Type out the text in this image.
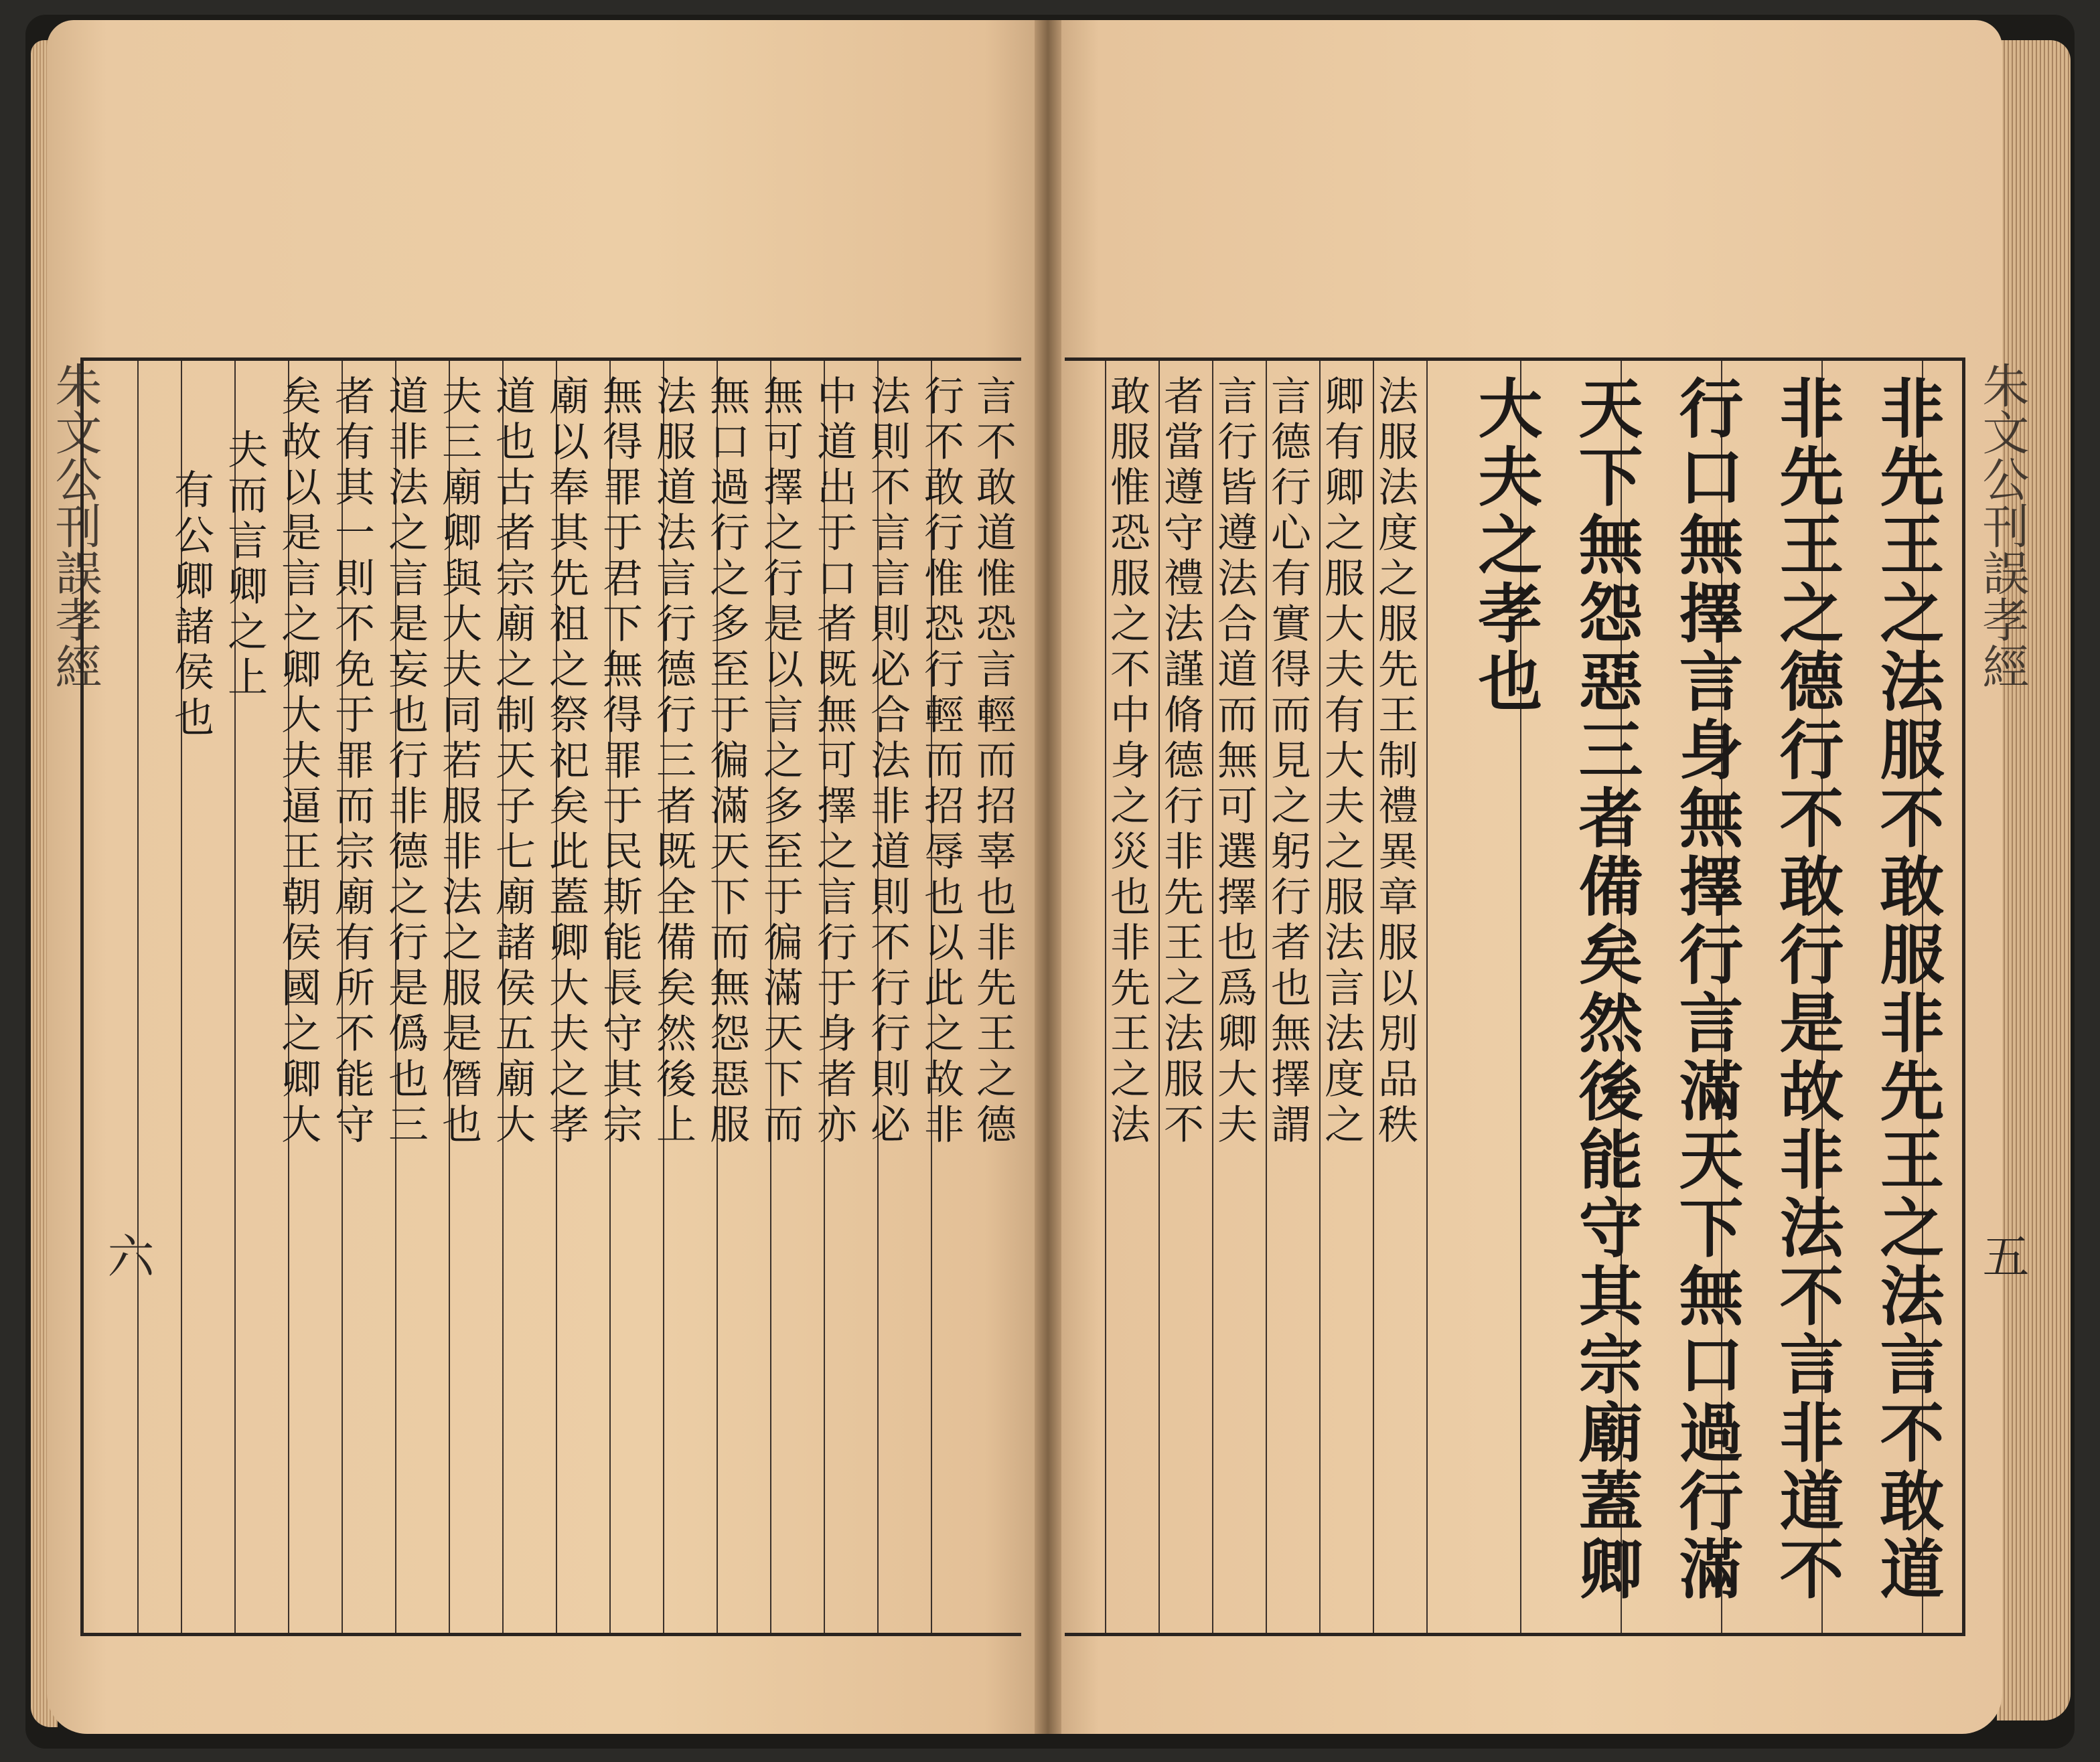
朱文公刊誤孝經
六
言不敢道惟恐言輕而招辜也非先王之德
行不敢行惟恐行輕而招辱也以此之故非
法則不言言則必合法非道則不行行則必
中道出于口者既無可擇之言行于身者亦
無可擇之行是以言之多至于徧滿天下而
無口過行之多至于徧滿天下而無怨惡服
法服道法言行德行三者既全備矣然後上
無得罪于君下無得罪于民斯能長守其宗
廟以奉其先祖之祭祀矣此蓋卿大夫之孝
道也古者宗廟之制天子七廟諸侯五廟大
夫三廟卿與大夫同若服非法之服是僭也
道非法之言是妄也行非德之行是僞也三
者有其一則不免于罪而宗廟有所不能守
矣故以是言之卿大夫逼王朝侯國之卿大
夫而言卿之上
有公卿諸侯也	朱文公刊誤孝經
五
非先王之法服不敢服非先王之法言不敢道
非先王之德行不敢行是故非法不言非道不
行口無擇言身無擇行言滿天下無口過行滿
天下無怨惡三者備矣然後能守其宗廟蓋卿
大夫之孝也
法服法度之服先王制禮異章服以別品秩
卿有卿之服大夫有大夫之服法言法度之
言德行心有實得而見之躬行者也無擇謂
言行皆遵法合道而無可選擇也爲卿大夫
者當遵守禮法謹脩德行非先王之法服不
敢服惟恐服之不中身之災也非先王之法
